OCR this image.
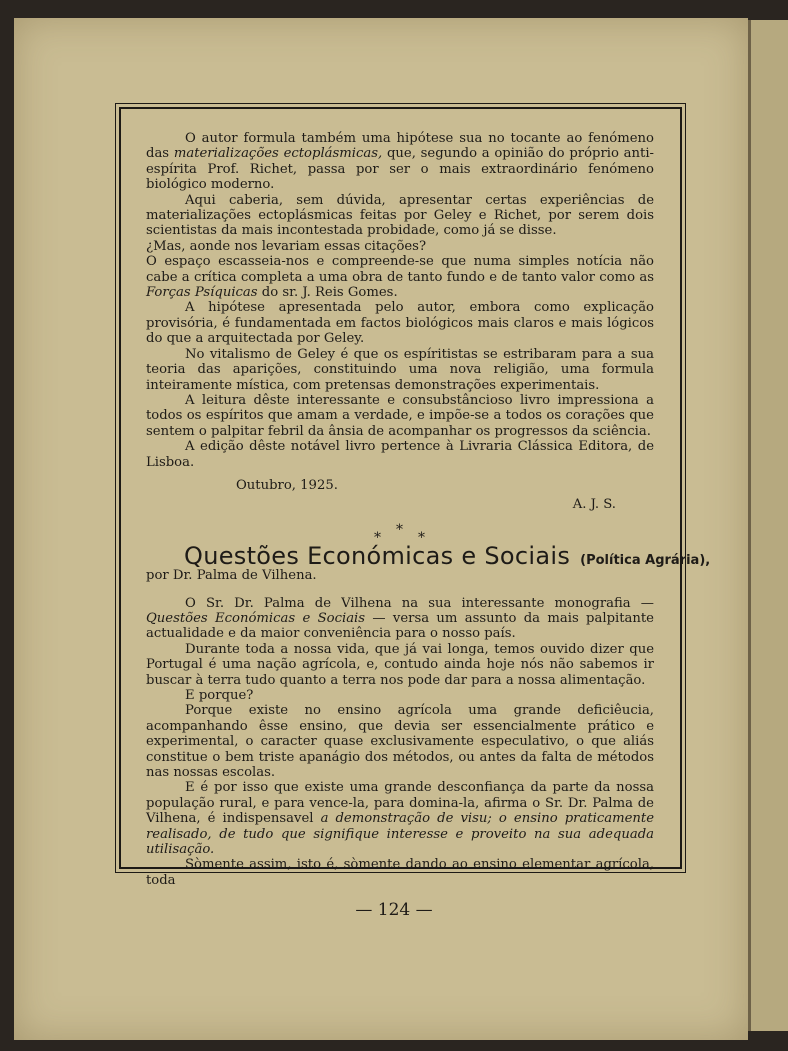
O autor formula também uma hipótese sua no tocante ao fenómeno das materializações ectoplásmicas, que, segundo a opinião do próprio anti-espírita Prof. Richet, passa por ser o mais extraordinário fenómeno biológico moderno.

Aqui caberia, sem dúvida, apresentar certas experiências de materializações ectoplásmicas feitas por Geley e Richet, por serem dois scientistas da mais incontestada probidade, como já se disse.

¿Mas, aonde nos levariam essas citações?

O espaço escasseia-nos e compreende-se que numa simples notícia não cabe a crítica completa a uma obra de tanto fundo e de tanto valor como as Forças Psíquicas do sr. J. Reis Gomes.

A hipótese apresentada pelo autor, embora como explicação provisória, é fundamentada em factos biológicos mais claros e mais lógicos do que a arquitectada por Geley.

No vitalismo de Geley é que os espíritistas se estribaram para a sua teoria das aparições, constituindo uma nova religião, uma formula inteiramente mística, com pretensas demonstrações experimentais.

A leitura dêste interessante e consubstâncioso livro impressiona a todos os espíritos que amam a verdade, e impõe-se a todos os corações que sentem o palpitar febril da ânsia de acompanhar os progressos da sciência.

A edição dêste notável livro pertence à Livraria Clássica Editora, de Lisboa.

Outubro, 1925.
A. J. S.
* * *

Questões Económicas e Sociais (Política Agrária),

por Dr. Palma de Vilhena.

O Sr. Dr. Palma de Vilhena na sua interessante monografia — Questões Económicas e Sociais — versa um assunto da mais palpitante actualidade e da maior conveniência para o nosso país.

Durante toda a nossa vida, que já vai longa, temos ouvido dizer que Portugal é uma nação agrícola, e, contudo ainda hoje nós não sabemos ir buscar à terra tudo quanto a terra nos pode dar para a nossa alimentação.

E porque?

Porque existe no ensino agrícola uma grande deficiêucia, acompanhando êsse ensino, que devia ser essencialmente prático e experimental, o caracter quase exclusivamente especulativo, o que aliás constitue o bem triste apanágio dos métodos, ou antes da falta de métodos nas nossas escolas.

E é por isso que existe uma grande desconfiança da parte da nossa população rural, e para vence-la, para domina-la, afirma o Sr. Dr. Palma de Vilhena, é indispensavel a demonstração de visu; o ensino praticamente realisado, de tudo que signifique interesse e proveito na sua adequada utilisação.

Sòmente assim, isto é, sòmente dando ao ensino elementar agrícola, toda

— 124 —
